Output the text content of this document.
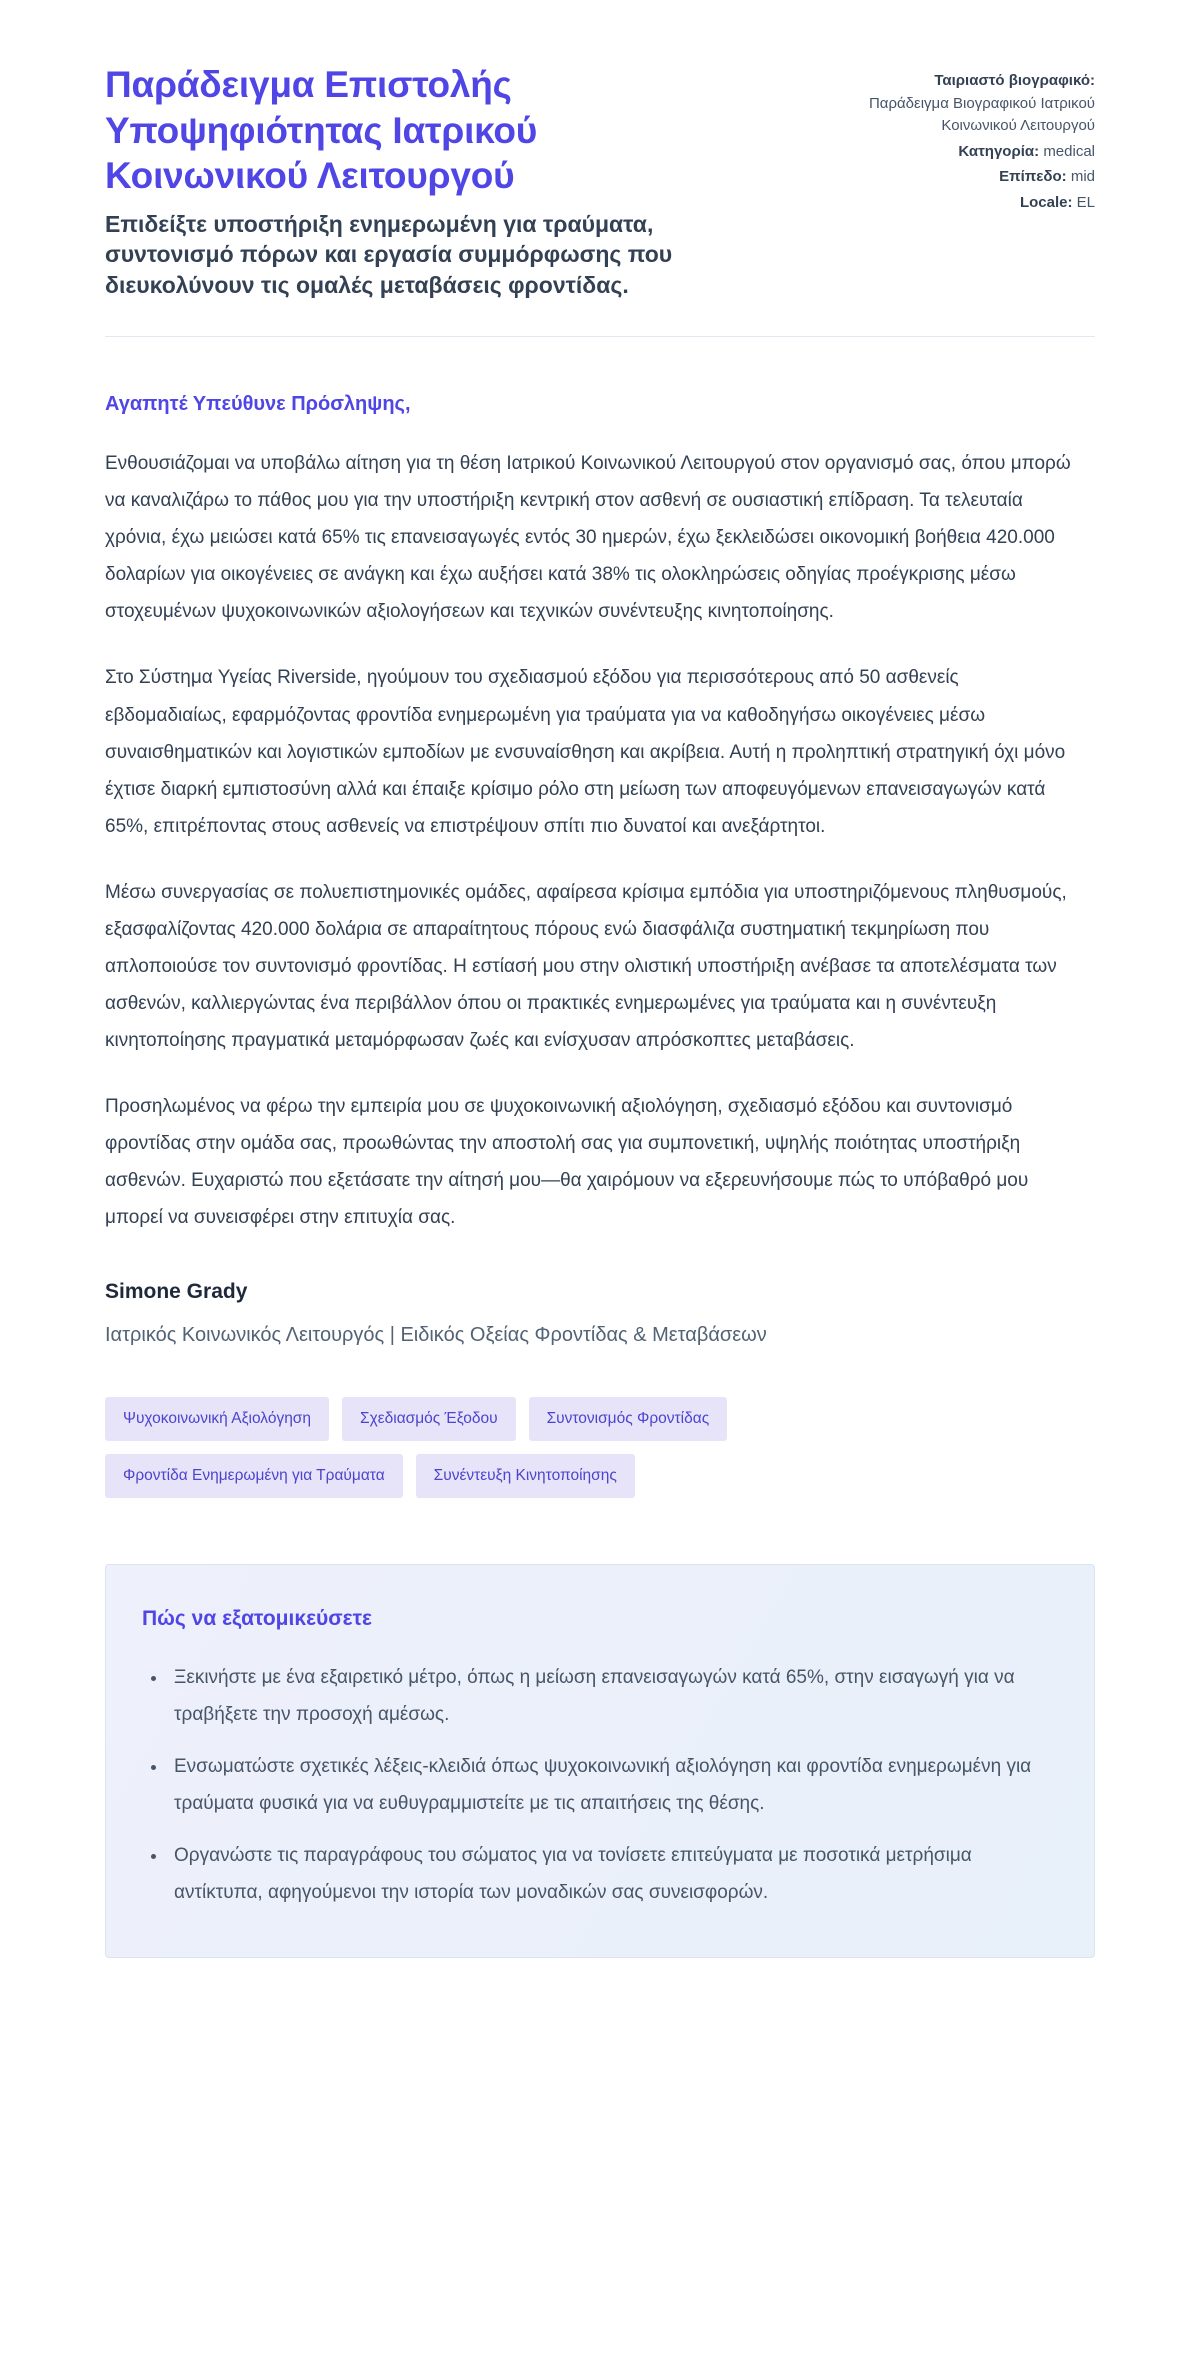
Παράδειγμα Επιστολής Υποψηφιότητας Ιατρικού Κοινωνικού Λειτουργού
Επιδείξτε υποστήριξη ενημερωμένη για τραύματα, συντονισμό πόρων και εργασία συμμόρφωσης που διευκολύνουν τις ομαλές μεταβάσεις φροντίδας.
Ταιριαστό βιογραφικό:
Παράδειγμα Βιογραφικού Ιατρικού Κοινωνικού Λειτουργού
Κατηγορία: medical
Επίπεδο: mid
Locale: EL
Αγαπητέ Υπεύθυνε Πρόσληψης,

Ενθουσιάζομαι να υποβάλω αίτηση για τη θέση Ιατρικού Κοινωνικού Λειτουργού στον οργανισμό σας, όπου μπορώ να καναλιζάρω το πάθος μου για την υποστήριξη κεντρική στον ασθενή σε ουσιαστική επίδραση. Τα τελευταία χρόνια, έχω μειώσει κατά 65% τις επανεισαγωγές εντός 30 ημερών, έχω ξεκλειδώσει οικονομική βοήθεια 420.000 δολαρίων για οικογένειες σε ανάγκη και έχω αυξήσει κατά 38% τις ολοκληρώσεις οδηγίας προέγκρισης μέσω στοχευμένων ψυχοκοινωνικών αξιολογήσεων και τεχνικών συνέντευξης κινητοποίησης.

Στο Σύστημα Υγείας Riverside, ηγούμουν του σχεδιασμού εξόδου για περισσότερους από 50 ασθενείς εβδομαδιαίως, εφαρμόζοντας φροντίδα ενημερωμένη για τραύματα για να καθοδηγήσω οικογένειες μέσω συναισθηματικών και λογιστικών εμποδίων με ενσυναίσθηση και ακρίβεια. Αυτή η προληπτική στρατηγική όχι μόνο έχτισε διαρκή εμπιστοσύνη αλλά και έπαιξε κρίσιμο ρόλο στη μείωση των αποφευγόμενων επανεισαγωγών κατά 65%, επιτρέποντας στους ασθενείς να επιστρέψουν σπίτι πιο δυνατοί και ανεξάρτητοι.

Μέσω συνεργασίας σε πολυεπιστημονικές ομάδες, αφαίρεσα κρίσιμα εμπόδια για υποστηριζόμενους πληθυσμούς, εξασφαλίζοντας 420.000 δολάρια σε απαραίτητους πόρους ενώ διασφάλιζα συστηματική τεκμηρίωση που απλοποιούσε τον συντονισμό φροντίδας. Η εστίασή μου στην ολιστική υποστήριξη ανέβασε τα αποτελέσματα των ασθενών, καλλιεργώντας ένα περιβάλλον όπου οι πρακτικές ενημερωμένες για τραύματα και η συνέντευξη κινητοποίησης πραγματικά μεταμόρφωσαν ζωές και ενίσχυσαν απρόσκοπτες μεταβάσεις.

Προσηλωμένος να φέρω την εμπειρία μου σε ψυχοκοινωνική αξιολόγηση, σχεδιασμό εξόδου και συντονισμό φροντίδας στην ομάδα σας, προωθώντας την αποστολή σας για συμπονετική, υψηλής ποιότητας υποστήριξη ασθενών. Ευχαριστώ που εξετάσατε την αίτησή μου—θα χαιρόμουν να εξερευνήσουμε πώς το υπόβαθρό μου μπορεί να συνεισφέρει στην επιτυχία σας.

Simone Grady
Ιατρικός Κοινωνικός Λειτουργός | Ειδικός Οξείας Φροντίδας & Μεταβάσεων
Ψυχοκοινωνική Αξιολόγηση	Σχεδιασμός Έξοδου	Συντονισμός Φροντίδας
Φροντίδα Ενημερωμένη για Τραύματα	Συνέντευξη Κινητοποίησης
Πώς να εξατομικεύσετε
• Ξεκινήστε με ένα εξαιρετικό μέτρο, όπως η μείωση επανεισαγωγών κατά 65%, στην εισαγωγή για να τραβήξετε την προσοχή αμέσως.
• Ενσωματώστε σχετικές λέξεις-κλειδιά όπως ψυχοκοινωνική αξιολόγηση και φροντίδα ενημερωμένη για τραύματα φυσικά για να ευθυγραμμιστείτε με τις απαιτήσεις της θέσης.
• Οργανώστε τις παραγράφους του σώματος για να τονίσετε επιτεύγματα με ποσοτικά μετρήσιμα αντίκτυπα, αφηγούμενοι την ιστορία των μοναδικών σας συνεισφορών.
